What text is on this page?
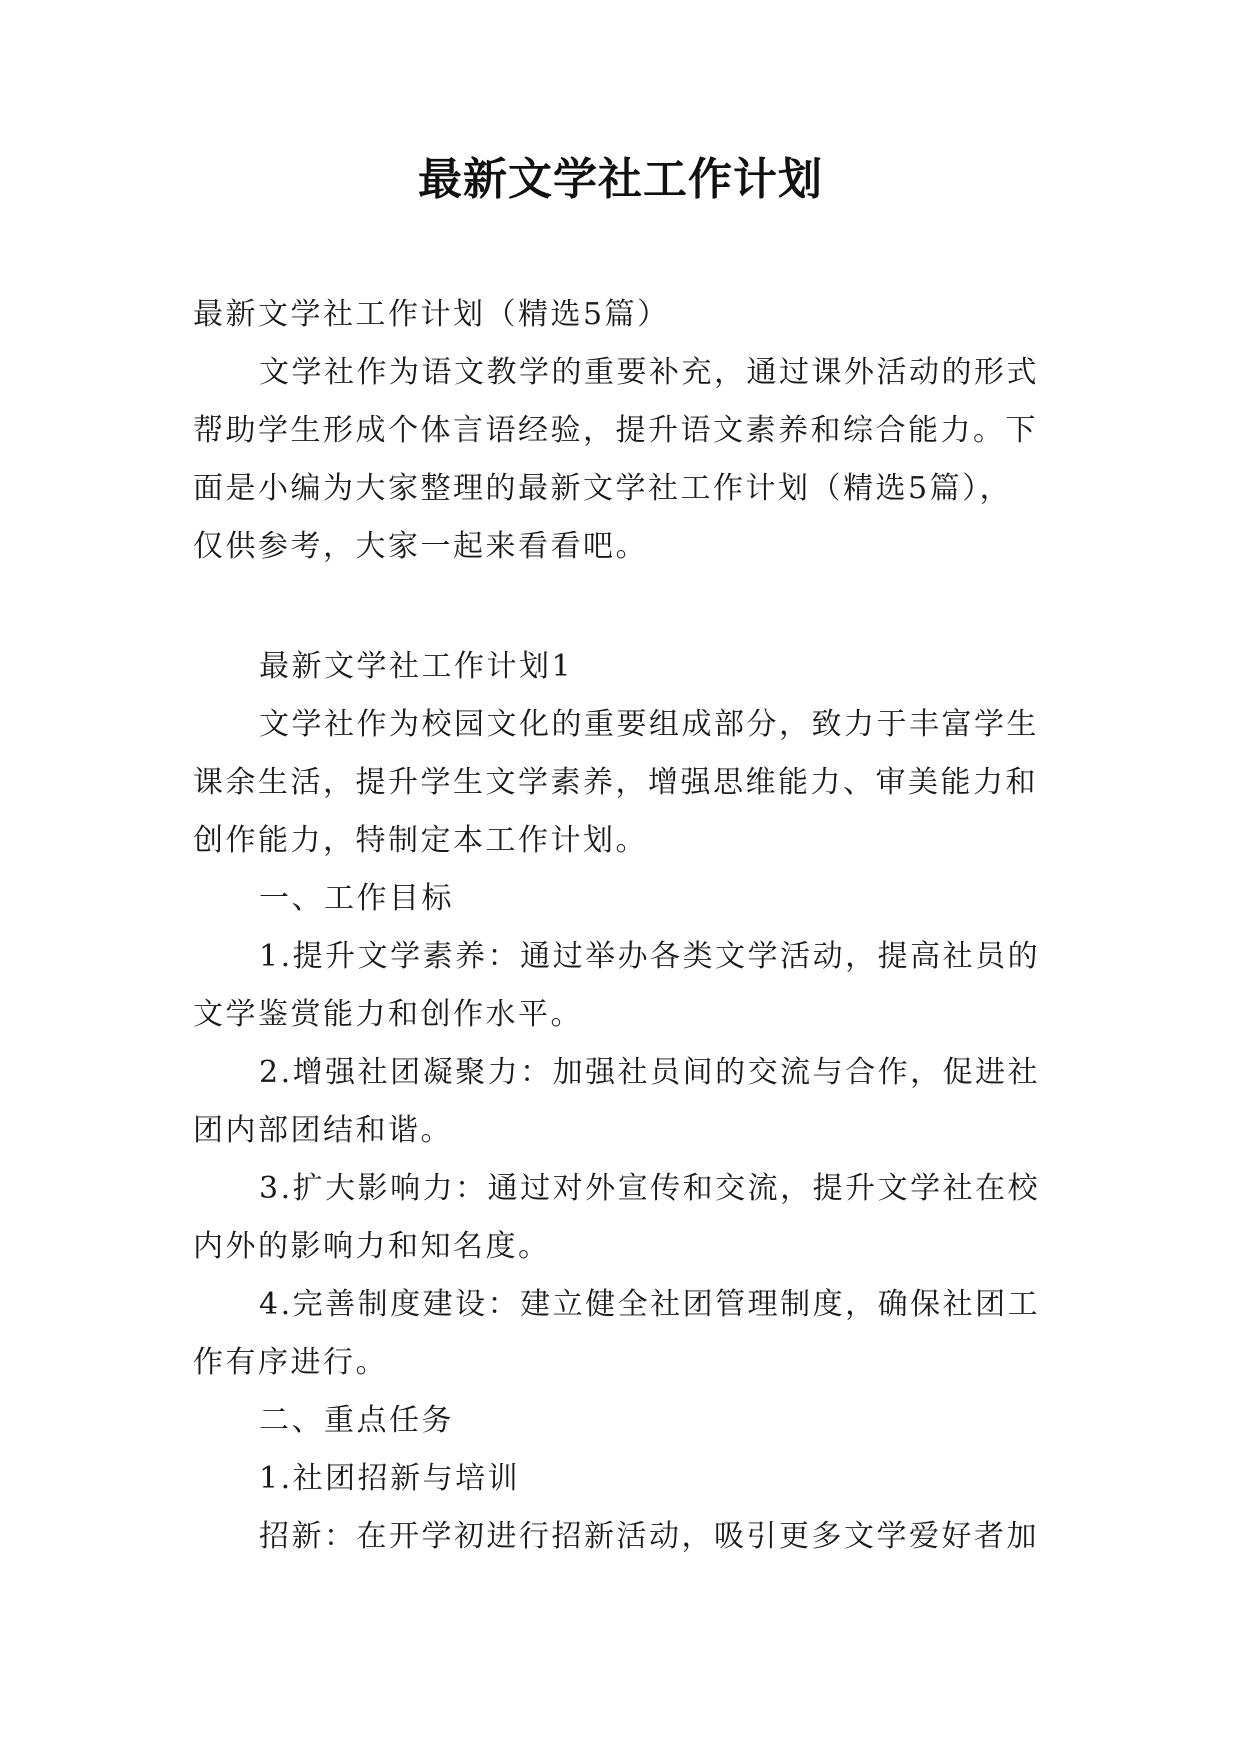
最新文学社工作计划
最新文学社工作计划（精选5篇）
文学社作为语文教学的重要补充，通过课外活动的形式
帮助学生形成个体言语经验，提升语文素养和综合能力。下
面是小编为大家整理的最新文学社工作计划（精选5篇），
仅供参考，大家一起来看看吧。
最新文学社工作计划1
文学社作为校园文化的重要组成部分，致力于丰富学生
课余生活，提升学生文学素养，增强思维能力、审美能力和
创作能力，特制定本工作计划。
一、工作目标
1.提升文学素养：通过举办各类文学活动，提高社员的
文学鉴赏能力和创作水平。
2.增强社团凝聚力：加强社员间的交流与合作，促进社
团内部团结和谐。
3.扩大影响力：通过对外宣传和交流，提升文学社在校
内外的影响力和知名度。
4.完善制度建设：建立健全社团管理制度，确保社团工
作有序进行。
二、重点任务
1.社团招新与培训
招新：在开学初进行招新活动，吸引更多文学爱好者加
